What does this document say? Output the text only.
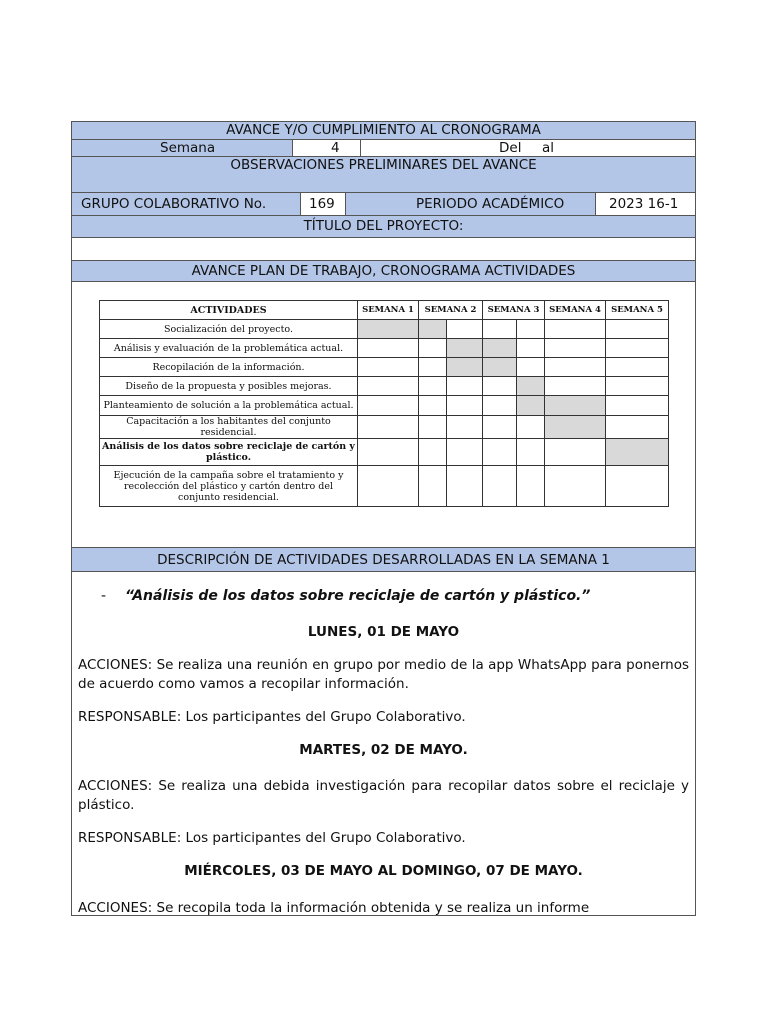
AVANCE Y/O CUMPLIMIENTO AL CRONOGRAMA
Semana	4	Del al
OBSERVACIONES PRELIMINARES DEL AVANCE
GRUPO COLABORATIVO No.	169	PERIODO ACADÉMICO	2023 16-1
TÍTULO DEL PROYECTO:
AVANCE PLAN DE TRABAJO, CRONOGRAMA ACTIVIDADES
ACTIVIDADES	SEMANA 1	SEMANA 2		SEMANA 3		SEMANA 4	SEMANA 5
Socialización del proyecto.							
Análisis y evaluación de la problemática actual.							
Recopilación de la información.							
Diseño de la propuesta y posibles mejoras.							
Planteamiento de solución a la problemática actual.							
Capacitación a los habitantes del conjunto residencial.							
Análisis de los datos sobre reciclaje de cartón y plástico.							
Ejecución de la campaña sobre el tratamiento y recolección del plástico y cartón dentro del conjunto residencial.							
DESCRIPCIÓN DE ACTIVIDADES DESARROLLADAS EN LA SEMANA 1
- “Análisis de los datos sobre reciclaje de cartón y plástico.”
LUNES, 01 DE MAYO
ACCIONES: Se realiza una reunión en grupo por medio de la app WhatsApp para ponernos de acuerdo como vamos a recopilar información.
RESPONSABLE: Los participantes del Grupo Colaborativo.
MARTES, 02 DE MAYO.
ACCIONES: Se realiza una debida investigación para recopilar datos sobre el reciclaje y plástico.
RESPONSABLE: Los participantes del Grupo Colaborativo.
MIÉRCOLES, 03 DE MAYO AL DOMINGO, 07 DE MAYO.
ACCIONES: Se recopila toda la información obtenida y se realiza un informe
